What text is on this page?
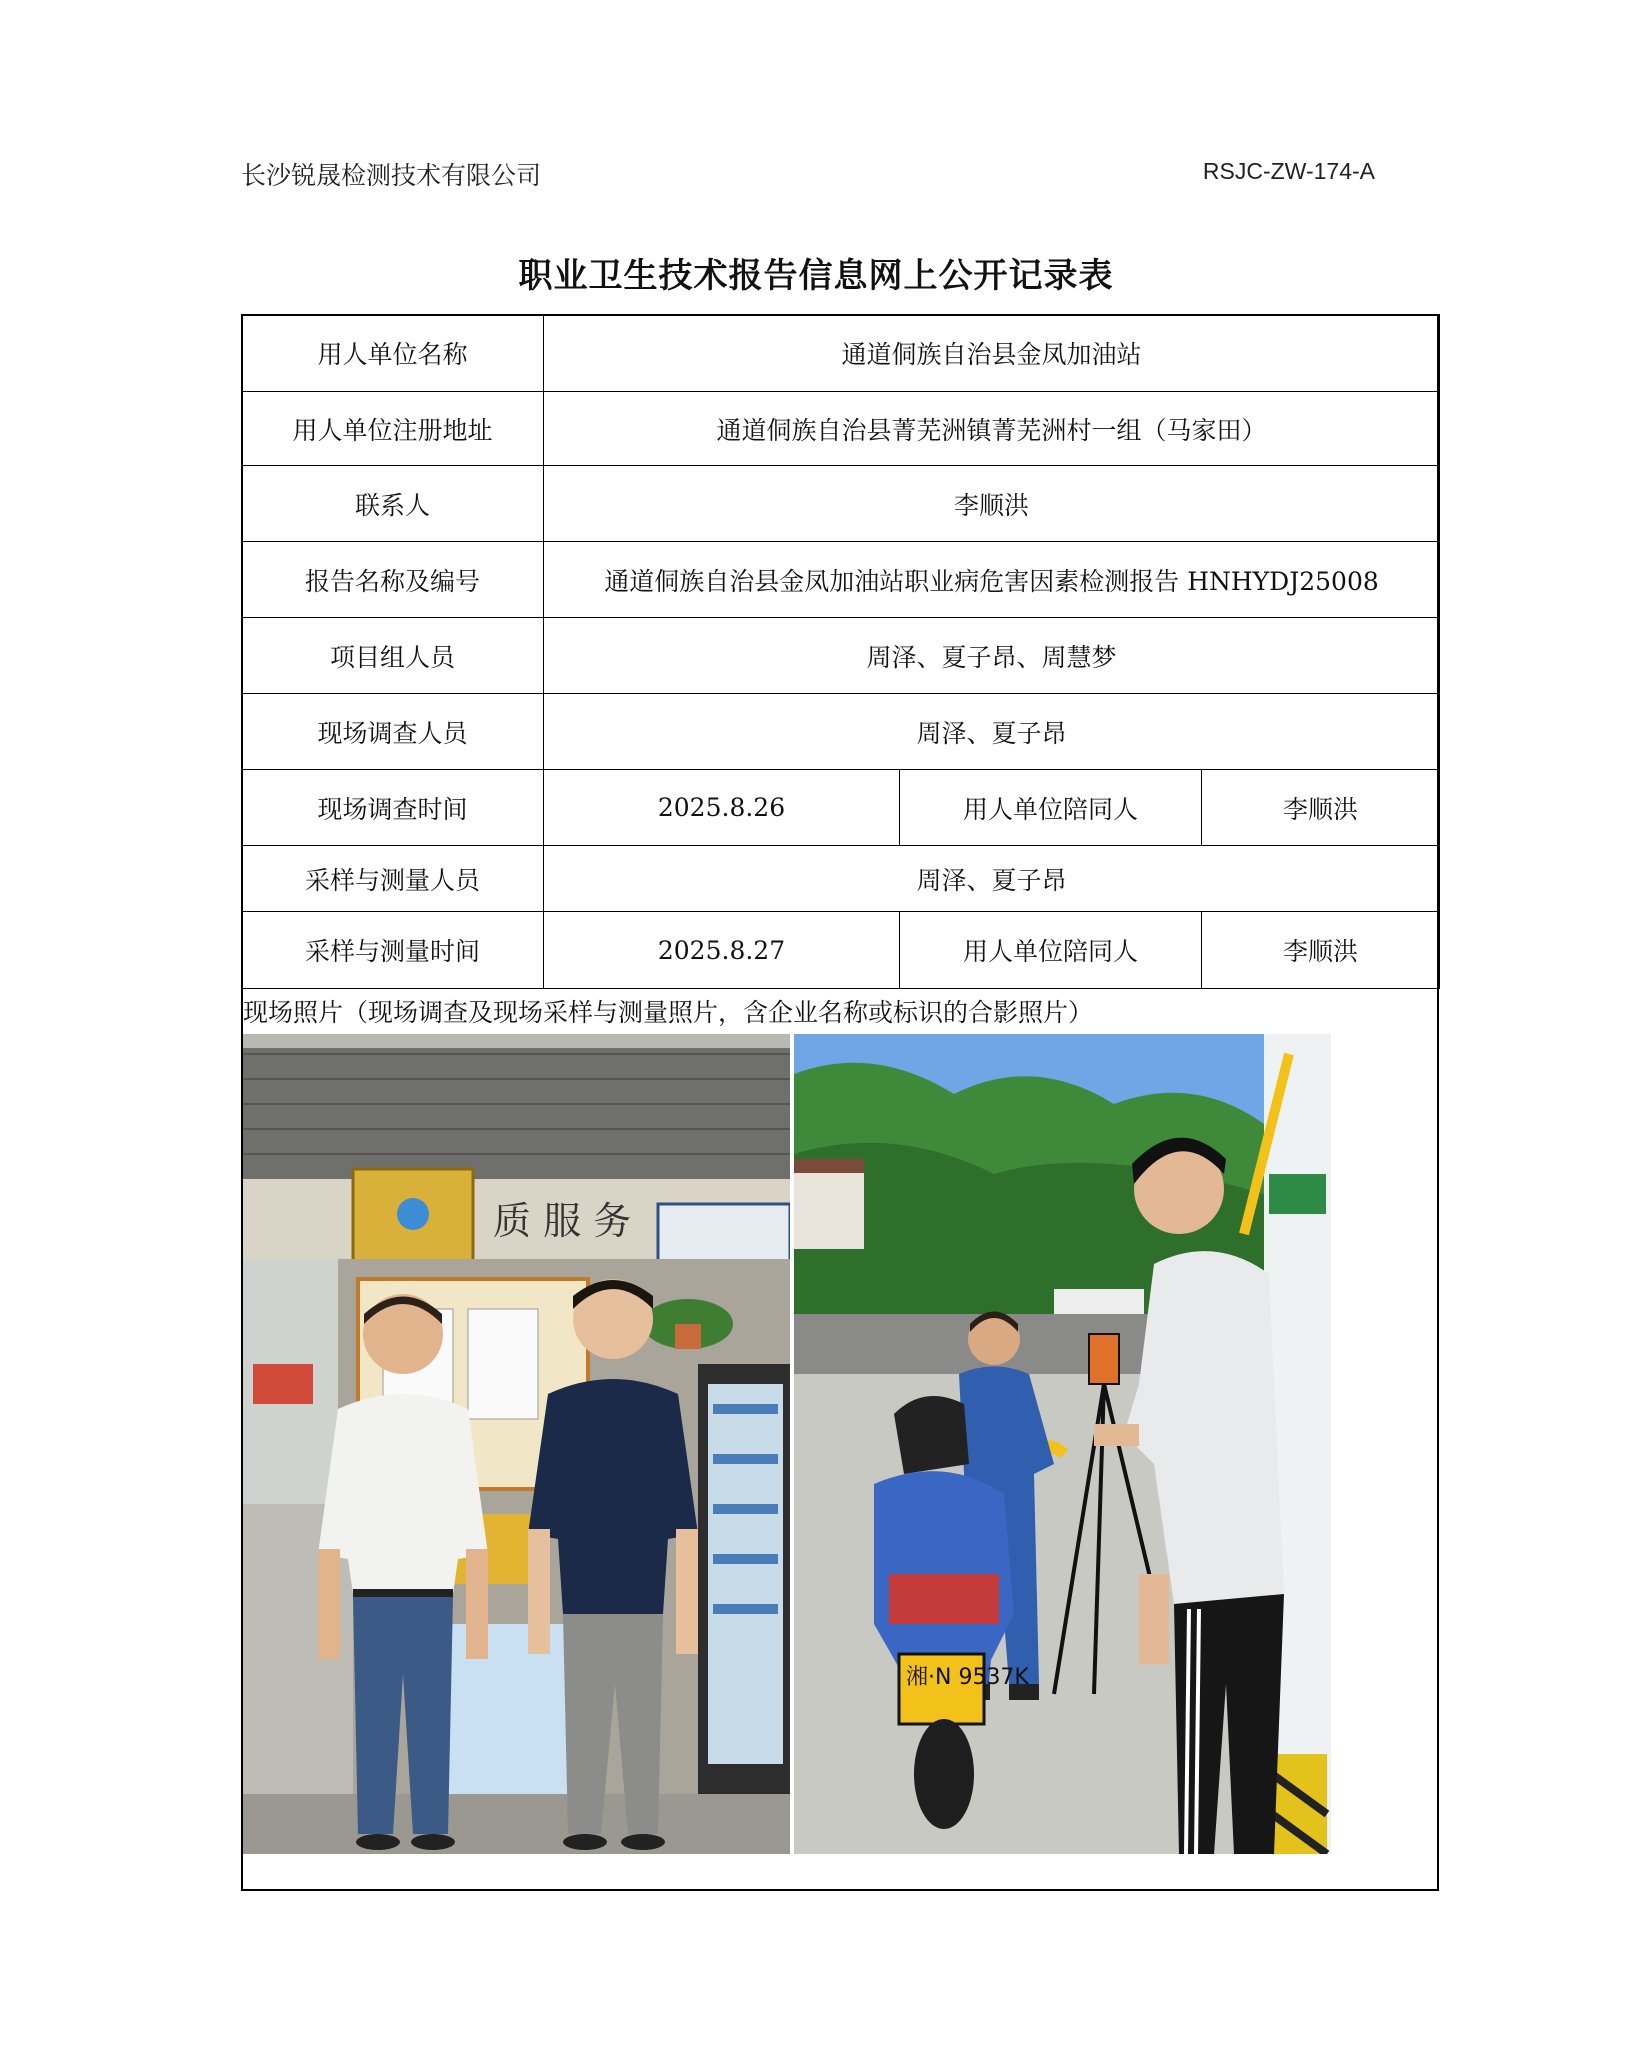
长沙锐晟检测技术有限公司	RSJC-ZW-174-A
职业卫生技术报告信息网上公开记录表
用人单位名称	通道侗族自治县金凤加油站		
用人单位注册地址	通道侗族自治县菁芜洲镇菁芜洲村一组（马家田）		
联系人	李顺洪		
报告名称及编号	通道侗族自治县金凤加油站职业病危害因素检测报告 HNHYDJ25008		
项目组人员	周泽、夏子昂、周慧梦		
现场调查人员	周泽、夏子昂		
现场调查时间	2025.8.26	用人单位陪同人	李顺洪
采样与测量人员	周泽、夏子昂		
采样与测量时间	2025.8.27	用人单位陪同人	李顺洪
现场照片（现场调查及现场采样与测量照片，含企业名称或标识的合影照片）
质 服 务
湘·N 9537K
